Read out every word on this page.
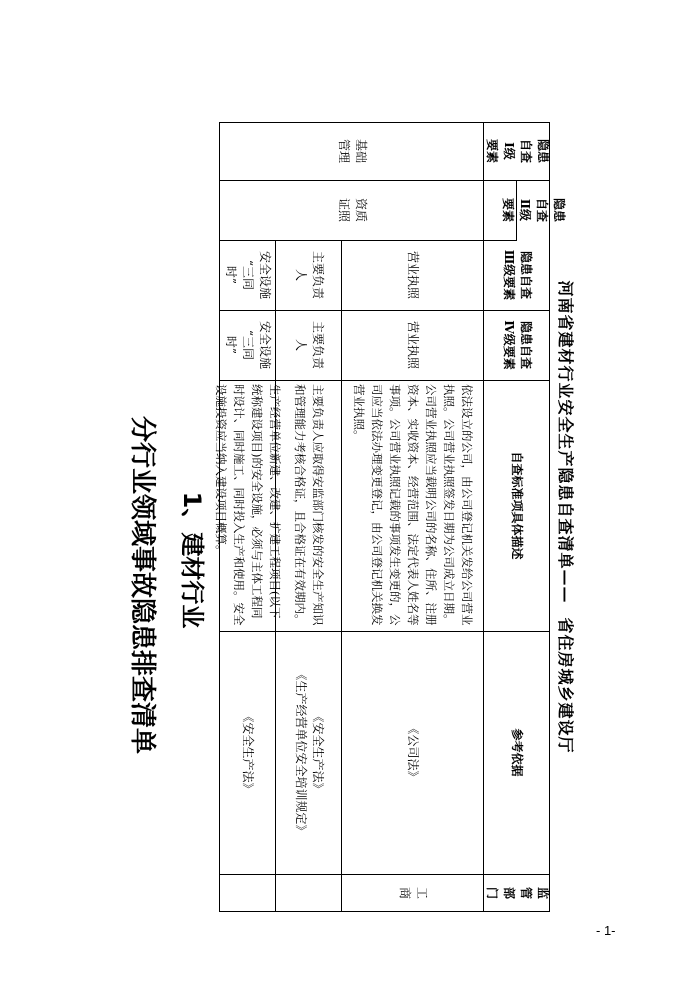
分行业领域事故隐患排查清单 1、建材行业	河南省建材行业安全生产隐患自查清单——
省住房城乡建设厅
隐患
自查
Ⅰ级
要素
隐患
自查
Ⅱ级
要素
隐患自查
Ⅲ级要素
隐患自查
Ⅳ级要素
自查标准项具体描述
参考依据
监
管
部
门
基础
管理
资质
证照
营业执照
营业执照
依法设立的公司，由公司登记机关发给公司营业执照。公司营业执照签发日期为公司成立日期。公司营业执照应当载明公司的名称、住所、注册资本、实收资本、经营范围、法定代表人姓名等事项。公司营业执照记载的事项发生变更的，公司应当依法办理变更登记，由公司登记机关换发营业执照。
《公司法》
工
商
主要负责
人
主要负责
人
主要负责人应取得安监部门核发的安全生产知识和管理能力考核合格证，且合格证在有效期内。
《安全生产法》
《生产经营单位安全培训规定》
安全设施
“三同
时”
安全设施
“三同
时”
生产经营单位新建、改建、扩建工程项目(以下统称建设项目)的安全设施，必须与主体工程同时设计、同时施工、同时投入生产和使用。安全设施投资应当纳入建设项目概算。
《安全生产法》
- 1-
